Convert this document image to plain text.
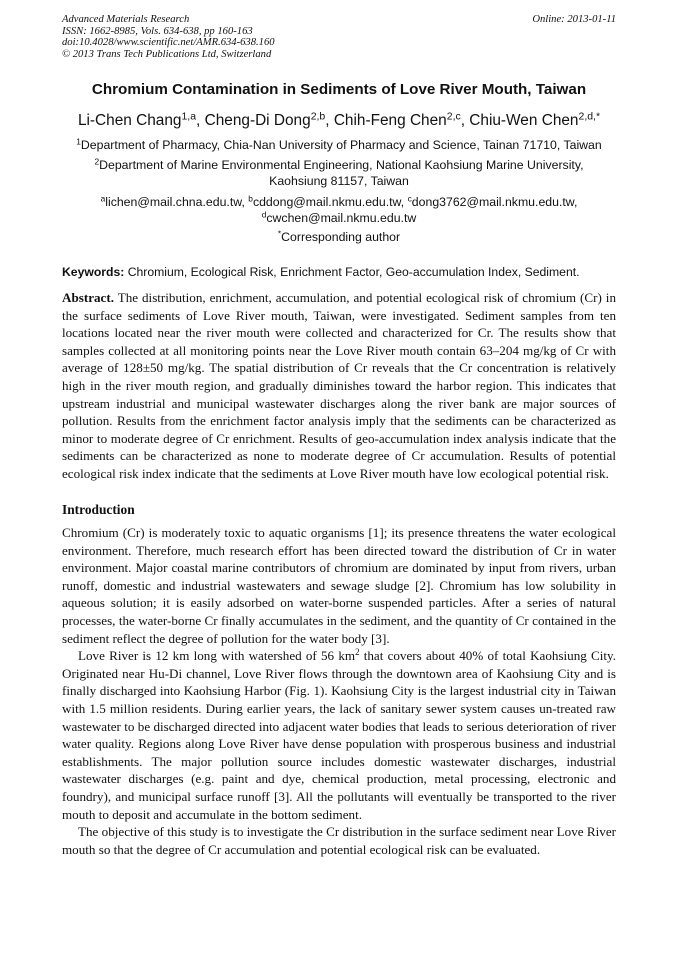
Advanced Materials Research
ISSN: 1662-8985, Vols. 634-638, pp 160-163
doi:10.4028/www.scientific.net/AMR.634-638.160
© 2013 Trans Tech Publications Ltd, Switzerland
Online: 2013-01-11
Chromium Contamination in Sediments of Love River Mouth, Taiwan
Li-Chen Chang$^{1,a}$, Cheng-Di Dong$^{2,b}$, Chih-Feng Chen$^{2,c}$, Chiu-Wen Chen$^{2,d,*}$
$^1$Department of Pharmacy, Chia-Nan University of Pharmacy and Science, Tainan 71710, Taiwan
$^2$Department of Marine Environmental Engineering, National Kaohsiung Marine University,
Kaohsiung 81157, Taiwan
$^a$lichen@mail.chna.edu.tw, $^b$cddong@mail.nkmu.edu.tw, $^c$dong3762@mail.nkmu.edu.tw,
$^d$cwchen@mail.nkmu.edu.tw
*Corresponding author
Keywords: Chromium, Ecological Risk, Enrichment Factor, Geo-accumulation Index, Sediment.

Abstract. The distribution, enrichment, accumulation, and potential ecological risk of chromium (Cr) in the surface sediments of Love River mouth, Taiwan, were investigated. Sediment samples from ten locations located near the river mouth were collected and characterized for Cr. The results show that samples collected at all monitoring points near the Love River mouth contain 63–204 mg/kg of Cr with average of 128±50 mg/kg. The spatial distribution of Cr reveals that the Cr concentration is relatively high in the river mouth region, and gradually diminishes toward the harbor region. This indicates that upstream industrial and municipal wastewater discharges along the river bank are major sources of pollution. Results from the enrichment factor analysis imply that the sediments can be characterized as minor to moderate degree of Cr enrichment. Results of geo-accumulation index analysis indicate that the sediments can be characterized as none to moderate degree of Cr accumulation. Results of potential ecological risk index indicate that the sediments at Love River mouth have low ecological potential risk.

Introduction

Chromium (Cr) is moderately toxic to aquatic organisms [1]; its presence threatens the water ecological environment. Therefore, much research effort has been directed toward the distribution of Cr in water environment. Major coastal marine contributors of chromium are dominated by input from rivers, urban runoff, domestic and industrial wastewaters and sewage sludge [2]. Chromium has low solubility in aqueous solution; it is easily adsorbed on water-borne suspended particles. After a series of natural processes, the water-borne Cr finally accumulates in the sediment, and the quantity of Cr contained in the sediment reflect the degree of pollution for the water body [3].

Love River is 12 km long with watershed of 56 $km^2$ that covers about 40% of total Kaohsiung City. Originated near Hu-Di channel, Love River flows through the downtown area of Kaohsiung City and is finally discharged into Kaohsiung Harbor (Fig. 1). Kaohsiung City is the largest industrial city in Taiwan with 1.5 million residents. During earlier years, the lack of sanitary sewer system causes un-treated raw wastewater to be discharged directed into adjacent water bodies that leads to serious deterioration of river water quality. Regions along Love River have dense population with prosperous business and industrial establishments. The major pollution source includes domestic wastewater discharges, industrial wastewater discharges (e.g. paint and dye, chemical production, metal processing, electronic and foundry), and municipal surface runoff [3]. All the pollutants will eventually be transported to the river mouth to deposit and accumulate in the bottom sediment.

The objective of this study is to investigate the Cr distribution in the surface sediment near Love River mouth so that the degree of Cr accumulation and potential ecological risk can be evaluated.
